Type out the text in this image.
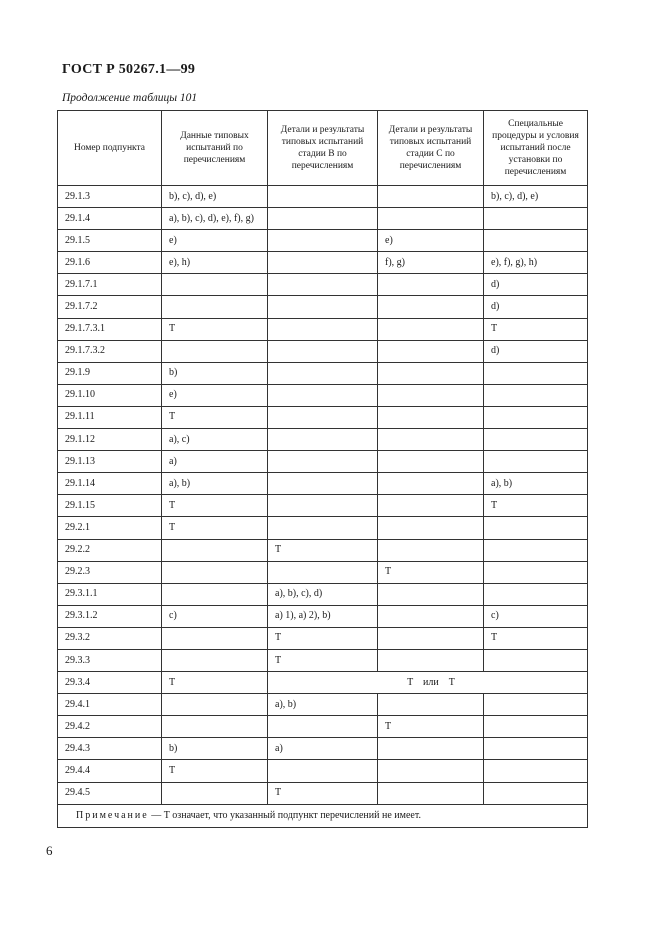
ГОСТ Р 50267.1—99
Продолжение таблицы 101
Номер подпункта	Данные типовых испытаний по перечислениям	Детали и результаты типовых испытаний стадии В по перечислениям	Детали и результаты типовых испытаний стадии С по перечислениям	Специальные процедуры и условия испытаний после установки по перечислениям
29.1.3	b), c), d), e)			b), c), d), e)
29.1.4	a), b), c), d), e), f), g)			
29.1.5	e)		e)	
29.1.6	e), h)		f), g)	e), f), g), h)
29.1.7.1				d)
29.1.7.2				d)
29.1.7.3.1	T			T
29.1.7.3.2				d)
29.1.9	b)			
29.1.10	e)			
29.1.11	T			
29.1.12	a), c)			
29.1.13	a)			
29.1.14	a), b)			a), b)
29.1.15	T			T
29.2.1	T			
29.2.2		T		
29.2.3			T	
29.3.1.1		a), b), c), d)		
29.3.1.2	c)	a) 1), a) 2), b)		c)
29.3.2		T		T
29.3.3		T		
29.3.4	T	T    или    T		
29.4.1		a), b)		
29.4.2			T	
29.4.3	b)	a)		
29.4.4	T			
29.4.5		T		
Примечание — Т означает, что указанный подпункт перечислений не имеет.				
6
